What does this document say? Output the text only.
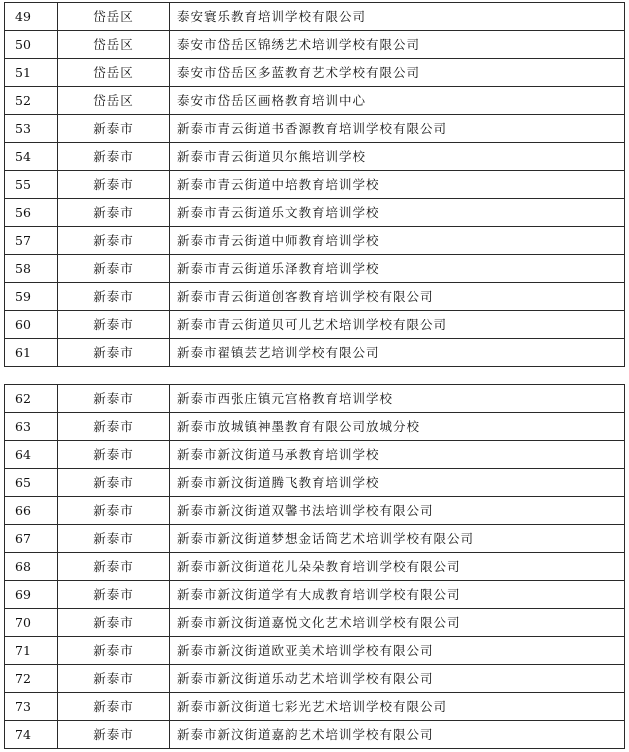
49	岱岳区	泰安寰乐教育培训学校有限公司
50	岱岳区	泰安市岱岳区锦绣艺术培训学校有限公司
51	岱岳区	泰安市岱岳区多蓝教育艺术学校有限公司
52	岱岳区	泰安市岱岳区画格教育培训中心
53	新泰市	新泰市青云街道书香源教育培训学校有限公司
54	新泰市	新泰市青云街道贝尔熊培训学校
55	新泰市	新泰市青云街道中培教育培训学校
56	新泰市	新泰市青云街道乐文教育培训学校
57	新泰市	新泰市青云街道中师教育培训学校
58	新泰市	新泰市青云街道乐泽教育培训学校
59	新泰市	新泰市青云街道创客教育培训学校有限公司
60	新泰市	新泰市青云街道贝可儿艺术培训学校有限公司
61	新泰市	新泰市翟镇芸艺培训学校有限公司
62	新泰市	新泰市西张庄镇元宫格教育培训学校
63	新泰市	新泰市放城镇神墨教育有限公司放城分校
64	新泰市	新泰市新汶街道马承教育培训学校
65	新泰市	新泰市新汶街道腾飞教育培训学校
66	新泰市	新泰市新汶街道双馨书法培训学校有限公司
67	新泰市	新泰市新汶街道梦想金话筒艺术培训学校有限公司
68	新泰市	新泰市新汶街道花儿朵朵教育培训学校有限公司
69	新泰市	新泰市新汶街道学有大成教育培训学校有限公司
70	新泰市	新泰市新汶街道嘉悦文化艺术培训学校有限公司
71	新泰市	新泰市新汶街道欧亚美术培训学校有限公司
72	新泰市	新泰市新汶街道乐动艺术培训学校有限公司
73	新泰市	新泰市新汶街道七彩光艺术培训学校有限公司
74	新泰市	新泰市新汶街道嘉韵艺术培训学校有限公司
